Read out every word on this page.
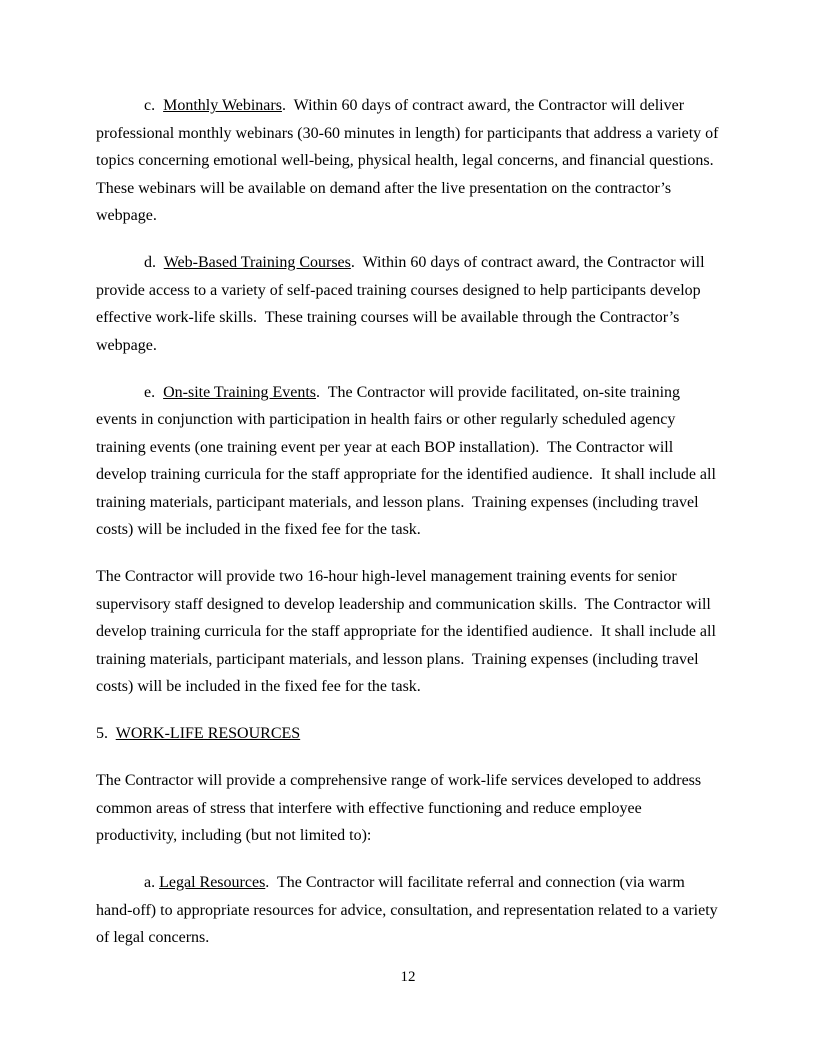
c.  Monthly Webinars.  Within 60 days of contract award, the Contractor will deliver professional monthly webinars (30-60 minutes in length) for participants that address a variety of topics concerning emotional well-being, physical health, legal concerns, and financial questions.  These webinars will be available on demand after the live presentation on the contractor’s webpage.

d.  Web-Based Training Courses.  Within 60 days of contract award, the Contractor will provide access to a variety of self-paced training courses designed to help participants develop effective work-life skills.  These training courses will be available through the Contractor’s webpage.

e.  On-site Training Events.  The Contractor will provide facilitated, on-site training events in conjunction with participation in health fairs or other regularly scheduled agency training events (one training event per year at each BOP installation).  The Contractor will develop training curricula for the staff appropriate for the identified audience.  It shall include all training materials, participant materials, and lesson plans.  Training expenses (including travel costs) will be included in the fixed fee for the task.

The Contractor will provide two 16-hour high-level management training events for senior supervisory staff designed to develop leadership and communication skills.  The Contractor will develop training curricula for the staff appropriate for the identified audience.  It shall include all training materials, participant materials, and lesson plans.  Training expenses (including travel costs) will be included in the fixed fee for the task.

5.  WORK-LIFE RESOURCES

The Contractor will provide a comprehensive range of work-life services developed to address common areas of stress that interfere with effective functioning and reduce employee productivity, including (but not limited to):

a. Legal Resources.  The Contractor will facilitate referral and connection (via warm hand-off) to appropriate resources for advice, consultation, and representation related to a variety of legal concerns.

12
